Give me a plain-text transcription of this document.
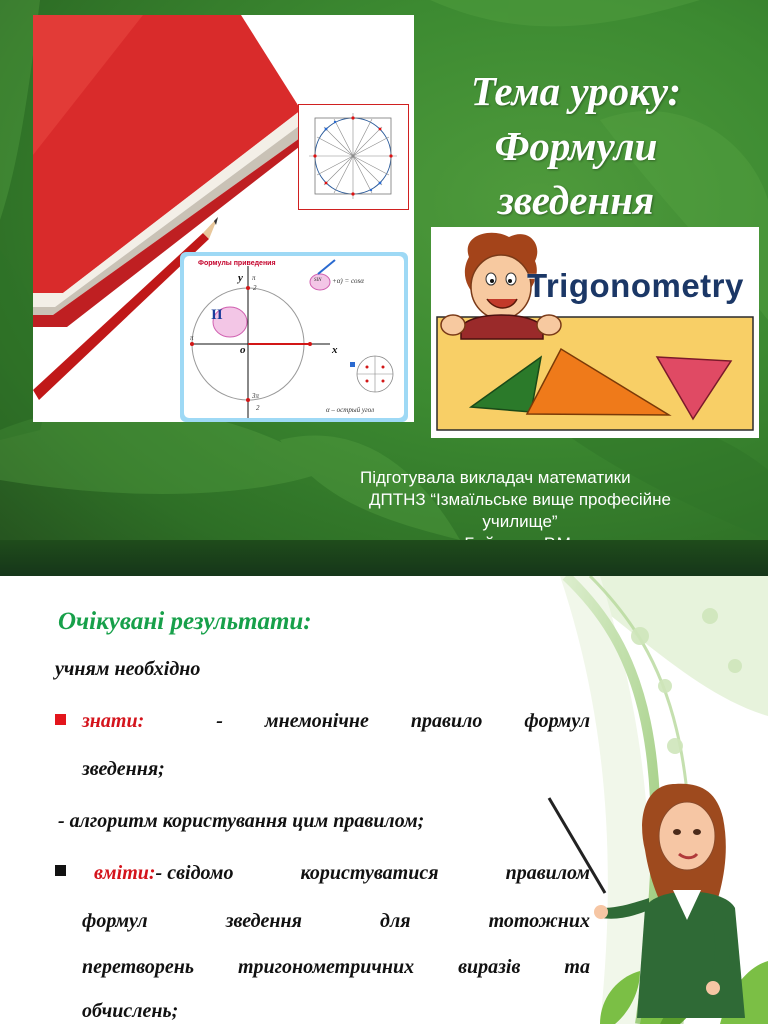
Формулы приведения
II
y
x
o
π
2
π
3π
2
SIN +α) = cosα
α – острый угол
Trigonometry
Тема уроку:
Формули
зведення
Підготувала викладач математики
ДПТНЗ “Ізмаїльське вище професійне
училище”
Очікувані результати:
учням необхідно
знати:	- мнемонічне правило формул
зведення;
- алгоритм користування цим правилом;
вміти:- свідомо	користуватися	правилом
формул	зведення	для	тотожних
перетворень тригонометричних виразів та
обчислень;
